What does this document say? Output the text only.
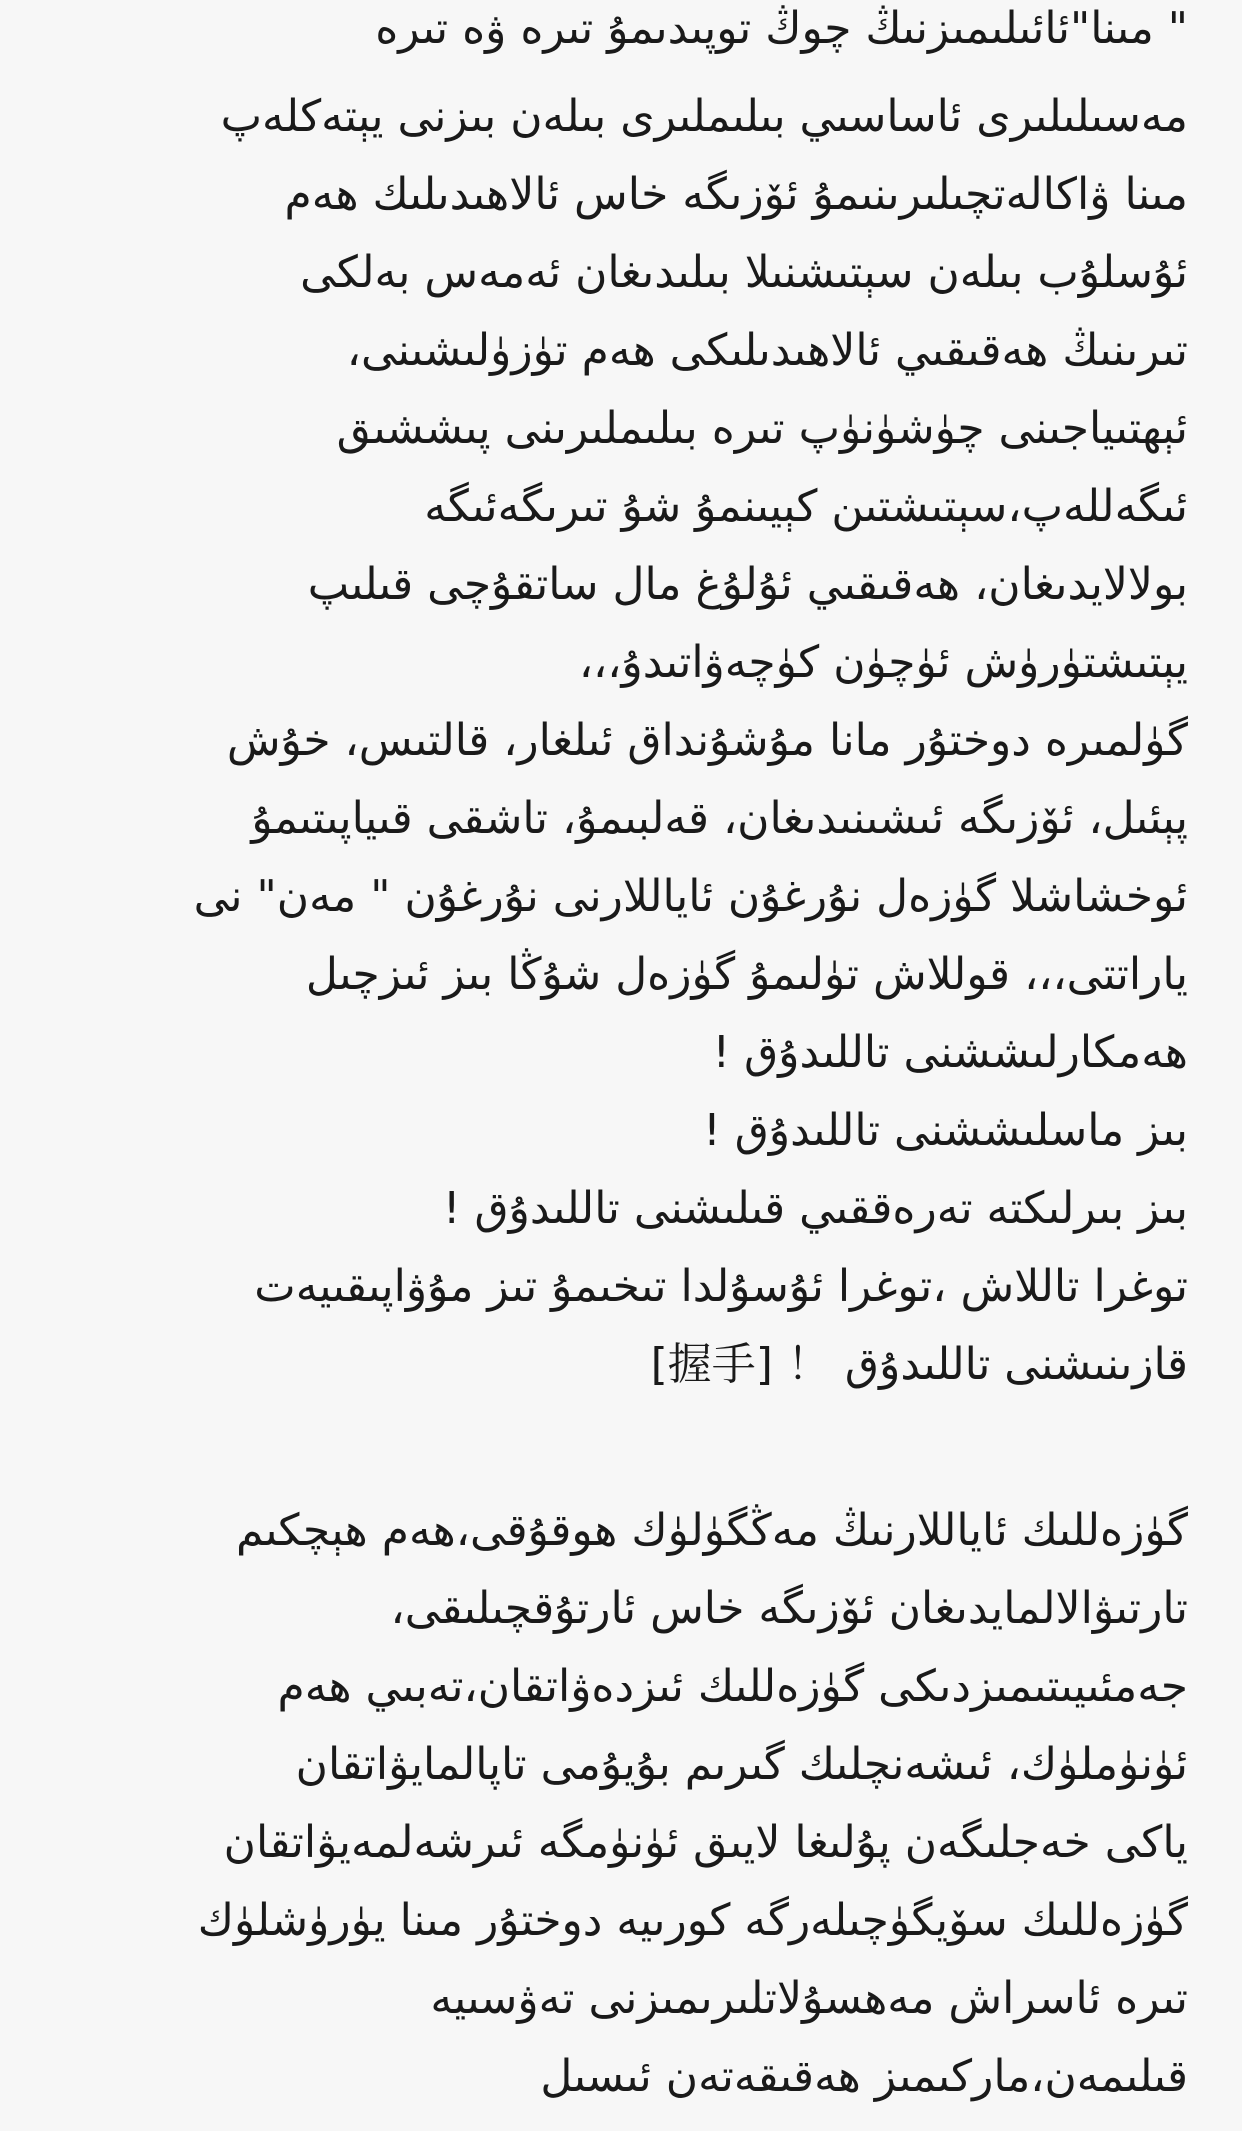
" مىنا"ئائىلىمىزنىڭ چوڭ توپىدىمۇ تىرە ۋە تىرە
مەسىلىلىرى ئاساسىي بىلىملىرى بىلەن بىزنى يېتەكلەپ
مىنا ۋاكالەتچىلىرىنىمۇ ئۆزىگە خاس ئالاھىدىلىك ھەم
ئۇسلۇب بىلەن سېتىشنىلا بىلىدىغان ئەمەس بەلكى
تىرىنىڭ ھەقىقىي ئالاھىدىلىكى ھەم تۈزۈلىشىنى،
ئېھتىياجىنى چۈشۈنۈپ تىرە بىلىملىرىنى پىششىق
ئىگەللەپ،سېتىشتىن كېيىنمۇ شۇ تىرىگەئىگە
بولالايدىغان، ھەقىقىي ئۇلۇغ مال ساتقۇچى قىلىپ
يېتىشتۈرۈش ئۈچۈن كۈچەۋاتىدۇ،،،
گۈلمىرە دوختۇر مانا مۇشۇنداق ئىلغار، قالتىس، خۇش
پېئىل، ئۆزىگە ئىشىنىدىغان، قەلبىمۇ، تاشقى قىياپىتىمۇ
ئوخشاشلا گۈزەل نۇرغۇن ئاياللارنى نۇرغۇن " مەن" نى
ياراتتى،،، قوللاش تۈلىمۇ گۈزەل شۇڭا بىز ئىزچىل
ھەمكارلىششنى تاللىدۇق !
بىز ماسلىششنى تاللىدۇق !
بىز بىرلىكتە تەرەققىي قىلىشنى تاللىدۇق !
توغرا تاللاش ،توغرا ئۇسۇلدا تىخىمۇ تىز مۇۋاپىقىيەت
قازىنىشنى تاللىدۇق ！ [握手]
گۈزەللىك ئاياللارنىڭ مەڭگۈلۈك ھوقۇقى،ھەم ھېچكىم
تارتىۋالالمايدىغان ئۆزىگە خاس ئارتۇقچىلىقى،
جەمئىيىتىمىزدىكى گۈزەللىك ئىزدەۋاتقان،تەبىي ھەم
ئۈنۈملۈك، ئىشەنچلىك گىرىم بۇيۇمى تاپالمايۋاتقان
ياكى خەجلىگەن پۇلىغا لايىق ئۈنۈمگە ئىرشەلمەيۋاتقان
گۈزەللىك سۆيگۈچىلەرگە كورىيە دوختۇر مىنا يۈرۈشلۈك
تىرە ئاسراش مەھسۇلاتلىرىمىزنى تەۋسىيە
قىلىمەن،ماركىمىز ھەقىقەتەن ئىسىل
